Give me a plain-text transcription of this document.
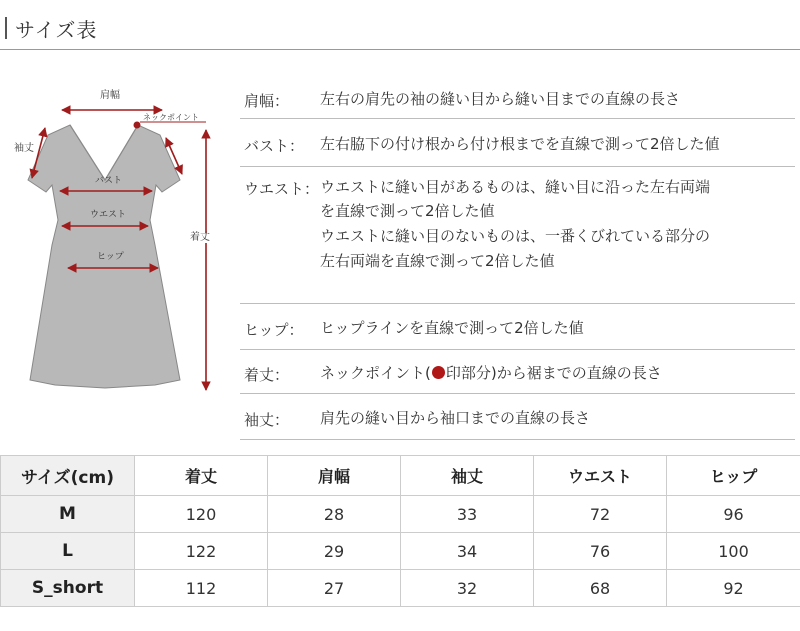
サイズ表
肩幅
ネックポイント
袖丈
バスト
ウエスト
ヒップ
着丈
肩幅： 左右の肩先の袖の縫い目から縫い目までの直線の長さ
バスト： 左右脇下の付け根から付け根までを直線で測って2倍した値
ウエスト： ウエストに縫い目があるものは、縫い目に沿った左右両端
を直線で測って2倍した値
ウエストに縫い目のないものは、一番くびれている部分の
左右両端を直線で測って2倍した値
ヒップ： ヒップラインを直線で測って2倍した値
着丈： ネックポイント( 印部分)から裾までの直線の長さ
袖丈： 肩先の縫い目から袖口までの直線の長さ
サイズ(cm)	着丈	肩幅	袖丈	ウエスト	ヒップ
M	120	28	33	72	96
L	122	29	34	76	100
S_short	112	27	32	68	92
